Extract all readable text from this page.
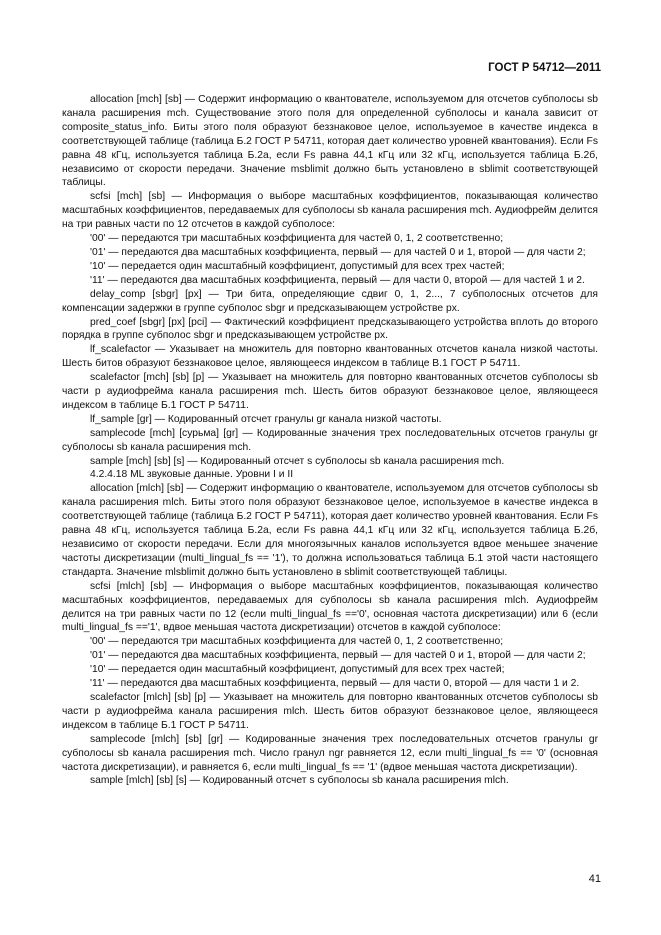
ГОСТ Р 54712—2011

allocation [mch] [sb] — Содержит информацию о квантователе, используемом для отсчетов субполосы sb канала расширения mch. Существование этого поля для определенной субполосы и канала зависит от composite_status_info. Биты этого поля образуют беззнаковое целое, используемое в качестве индекса в соответствующей таблице (таблица Б.2 ГОСТ Р 54711, которая дает количество уровней квантования). Если Fs равна 48 кГц, используется таблица Б.2а, если Fs равна 44,1 кГц или 32 кГц, используется таблица Б.2б, независимо от скорости передачи. Значение msblimit должно быть установлено в sblimit соответствующей таблицы.

scfsi [mch] [sb] — Информация о выборе масштабных коэффициентов, показывающая количество масштабных коэффициентов, передаваемых для субполосы sb канала расширения mch. Аудиофрейм делится на три равных части по 12 отсчетов в каждой субполосе:

'00' — передаются три масштабных коэффициента для частей 0, 1, 2 соответственно;

'01' — передаются два масштабных коэффициента, первый — для частей 0 и 1, второй — для части 2;

'10' — передается один масштабный коэффициент, допустимый для всех трех частей;

'11' — передаются два масштабных коэффициента, первый — для части 0, второй — для частей 1 и 2.

delay_comp [sbgr] [px] — Три бита, определяющие сдвиг 0, 1, 2..., 7 субполосных отсчетов для компенсации задержки в группе субполос sbgr и предсказывающем устройстве px.

pred_coef [sbgr] [px] [pci] — Фактический коэффициент предсказывающего устройства вплоть до второго порядка в группе субполос sbgr и предсказывающем устройстве px.

lf_scalefactor — Указывает на множитель для повторно квантованных отсчетов канала низкой частоты. Шесть битов образуют беззнаковое целое, являющееся индексом в таблице В.1 ГОСТ Р 54711.

scalefactor [mch] [sb] [p] — Указывает на множитель для повторно квантованных отсчетов субполосы sb части p аудиофрейма канала расширения mch. Шесть битов образуют беззнаковое целое, являющееся индексом в таблице Б.1 ГОСТ Р 54711.

lf_sample [gr] — Кодированный отсчет гранулы gr канала низкой частоты.

samplecode [mch] [сурьма] [gr] — Кодированные значения трех последовательных отсчетов гранулы gr субполосы sb канала расширения mch.

sample [mch] [sb] [s] — Кодированный отсчет s субполосы sb канала расширения mch.

4.2.4.18 ML звуковые данные. Уровни I и II

allocation [mlch] [sb] — Содержит информацию о квантователе, используемом для отсчетов субполосы sb канала расширения mlch. Биты этого поля образуют беззнаковое целое, используемое в качестве индекса в соответствующей таблице (таблица Б.2 ГОСТ Р 54711), которая дает количество уровней квантования. Если Fs равна 48 кГц, используется таблица Б.2а, если Fs равна 44,1 кГц или 32 кГц, используется таблица Б.2б, независимо от скорости передачи. Если для многоязычных каналов используется вдвое меньшее значение частоты дискретизации (multi_lingual_fs == '1'), то должна использоваться таблица Б.1 этой части настоящего стандарта. Значение mlsblimit должно быть установлено в sblimit соответствующей таблицы.

scfsi [mlch] [sb] — Информация о выборе масштабных коэффициентов, показывающая количество масштабных коэффициентов, передаваемых для субполосы sb канала расширения mlch. Аудиофрейм делится на три равных части по 12 (если multi_lingual_fs =='0', основная частота дискретизации) или 6 (если multi_lingual_fs =='1', вдвое меньшая частота дискретизации) отсчетов в каждой субполосе:

'00' — передаются три масштабных коэффициента для частей 0, 1, 2 соответственно;

'01' — передаются два масштабных коэффициента, первый — для частей 0 и 1, второй — для части 2;

'10' — передается один масштабный коэффициент, допустимый для всех трех частей;

'11' — передаются два масштабных коэффициента, первый — для части 0, второй — для части 1 и 2.

scalefactor [mlch] [sb] [p] — Указывает на множитель для повторно квантованных отсчетов субполосы sb части p аудиофрейма канала расширения mlch. Шесть битов образуют беззнаковое целое, являющееся индексом в таблице Б.1 ГОСТ Р 54711.

samplecode [mlch] [sb] [gr] — Кодированные значения трех последовательных отсчетов гранулы gr субполосы sb канала расширения mch. Число гранул ngr равняется 12, если multi_lingual_fs == '0' (основная частота дискретизации), и равняется 6, если multi_lingual_fs == '1' (вдвое меньшая частота дискретизации).

sample [mlch] [sb] [s] — Кодированный отсчет s субполосы sb канала расширения mlch.

41
